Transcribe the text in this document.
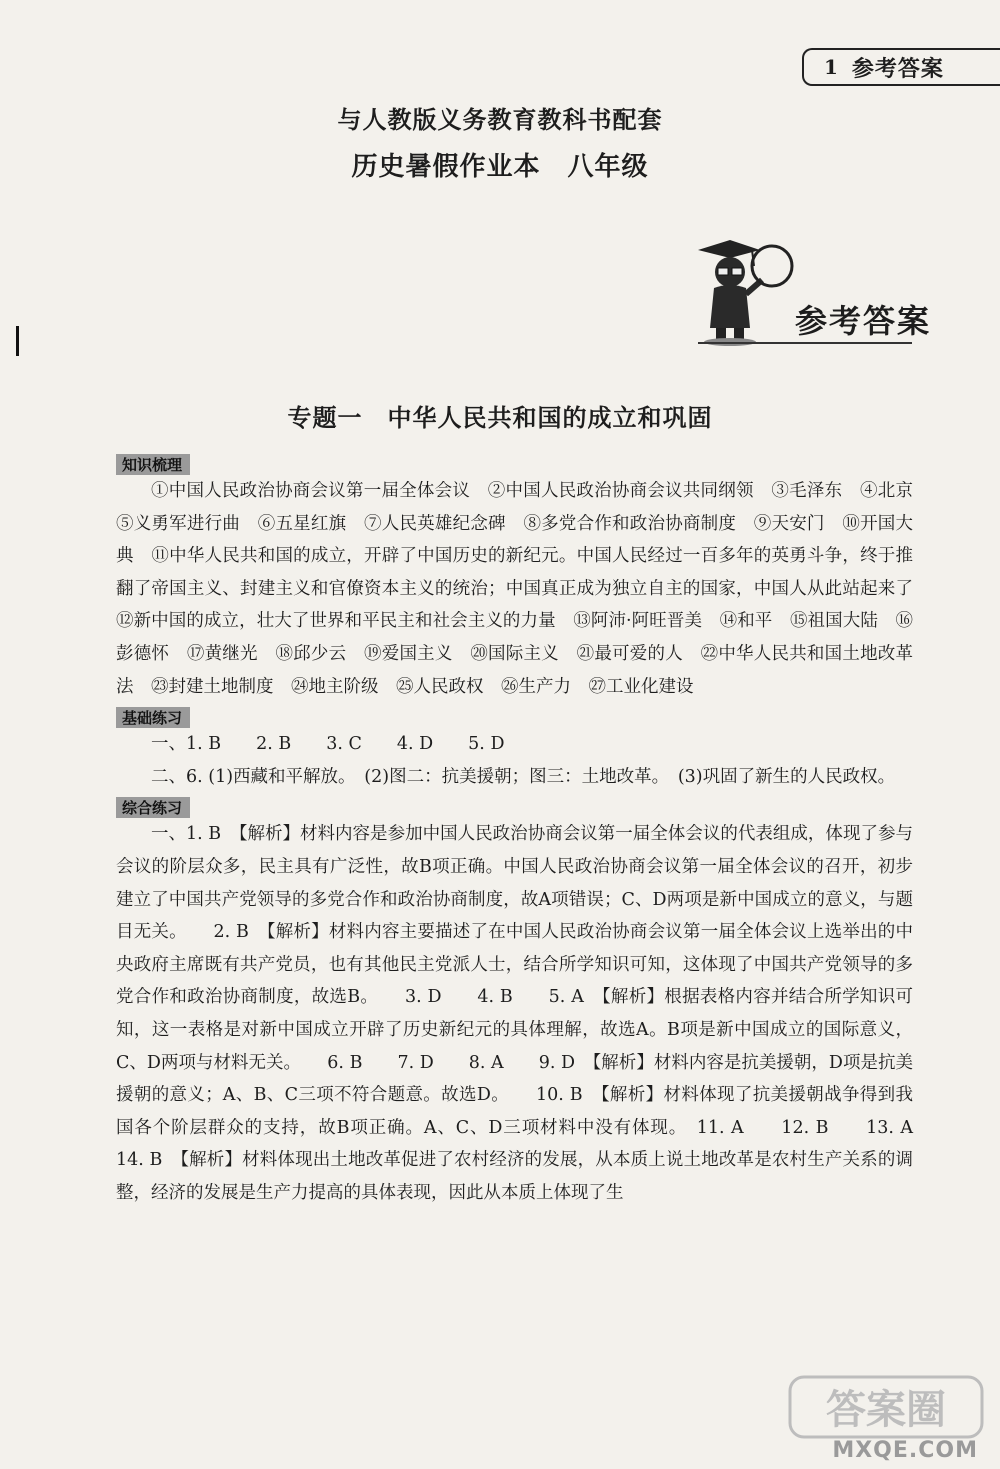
1 参考答案
与人教版义务教育教科书配套
历史暑假作业本　八年级
参考答案
专题一　中华人民共和国的成立和巩固
知识梳理

①中国人民政治协商会议第一届全体会议　②中国人民政治协商会议共同纲领　③毛泽东　④北京　⑤义勇军进行曲　⑥五星红旗　⑦人民英雄纪念碑　⑧多党合作和政治协商制度　⑨天安门　⑩开国大典　⑪中华人民共和国的成立，开辟了中国历史的新纪元。中国人民经过一百多年的英勇斗争，终于推翻了帝国主义、封建主义和官僚资本主义的统治；中国真正成为独立自主的国家，中国人从此站起来了　⑫新中国的成立，壮大了世界和平民主和社会主义的力量　⑬阿沛·阿旺晋美　⑭和平　⑮祖国大陆　⑯彭德怀　⑰黄继光　⑱邱少云　⑲爱国主义　⑳国际主义　㉑最可爱的人　㉒中华人民共和国土地改革法　㉓封建土地制度　㉔地主阶级　㉕人民政权　㉖生产力　㉗工业化建设

基础练习

一、1. B　　2. B　　3. C　　4. D　　5. D

二、6. (1)西藏和平解放。　(2)图二：抗美援朝；图三：土地改革。　(3)巩固了新生的人民政权。

综合练习

一、1. B　【解析】材料内容是参加中国人民政治协商会议第一届全体会议的代表组成，体现了参与会议的阶层众多，民主具有广泛性，故B项正确。中国人民政治协商会议第一届全体会议的召开，初步建立了中国共产党领导的多党合作和政治协商制度，故A项错误；C、D两项是新中国成立的意义，与题目无关。　　2. B　【解析】材料内容主要描述了在中国人民政治协商会议第一届全体会议上选举出的中央政府主席既有共产党员，也有其他民主党派人士，结合所学知识可知，这体现了中国共产党领导的多党合作和政治协商制度，故选B。　　3. D　　4. B　　5. A　【解析】根据表格内容并结合所学知识可知，这一表格是对新中国成立开辟了历史新纪元的具体理解，故选A。B项是新中国成立的国际意义，C、D两项与材料无关。　　6. B　　7. D　　8. A　　9. D　【解析】材料内容是抗美援朝，D项是抗美援朝的意义；A、B、C三项不符合题意。故选D。　　10. B　【解析】材料体现了抗美援朝战争得到我国各个阶层群众的支持，故B项正确。A、C、D三项材料中没有体现。　11. A　　12. B　　13. A　　14. B　【解析】材料体现出土地改革促进了农村经济的发展，从本质上说土地改革是农村生产关系的调整，经济的发展是生产力提高的具体表现，因此从本质上体现了生

答案圈
MXQE.COM
